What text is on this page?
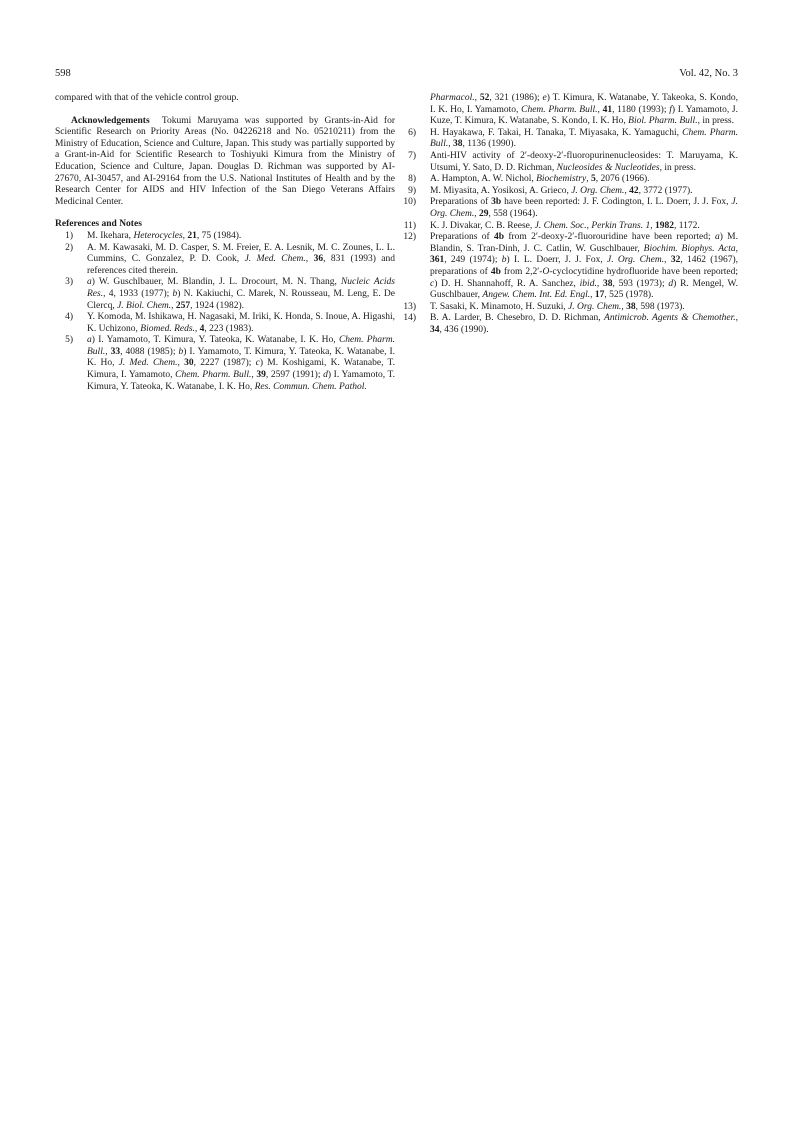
598	Vol. 42, No. 3

compared with that of the vehicle control group.

Acknowledgements Tokumi Maruyama was supported by Grants-in-Aid for Scientific Research on Priority Areas (No. 04226218 and No. 05210211) from the Ministry of Education, Science and Culture, Japan. This study was partially supported by a Grant-in-Aid for Scientific Research to Toshiyuki Kimura from the Ministry of Education, Science and Culture, Japan. Douglas D. Richman was supported by AI-27670, AI-30457, and AI-29164 from the U.S. National Institutes of Health and by the Research Center for AIDS and HIV Infection of the San Diego Veterans Affairs Medicinal Center.

References and Notes

1) M. Ikehara, Heterocycles, 21, 75 (1984).

2) A. M. Kawasaki, M. D. Casper, S. M. Freier, E. A. Lesnik, M. C. Zounes, L. L. Cummins, C. Gonzalez, P. D. Cook, J. Med. Chem., 36, 831 (1993) and references cited therein.

3) a) W. Guschlbauer, M. Blandin, J. L. Drocourt, M. N. Thang, Nucleic Acids Res., 4, 1933 (1977); b) N. Kakiuchi, C. Marek, N. Rousseau, M. Leng, E. De Clercq, J. Biol. Chem., 257, 1924 (1982).

4) Y. Komoda, M. Ishikawa, H. Nagasaki, M. Iriki, K. Honda, S. Inoue, A. Higashi, K. Uchizono, Biomed. Reds., 4, 223 (1983).

5) a) I. Yamamoto, T. Kimura, Y. Tateoka, K. Watanabe, I. K. Ho, Chem. Pharm. Bull., 33, 4088 (1985); b) I. Yamamoto, T. Kimura, Y. Tateoka, K. Watanabe, I. K. Ho, J. Med. Chem., 30, 2227 (1987); c) M. Koshigami, K. Watanabe, T. Kimura, I. Yamamoto, Chem. Pharm. Bull., 39, 2597 (1991); d) I. Yamamoto, T. Kimura, Y. Tateoka, K. Watanabe, I. K. Ho, Res. Commun. Chem. Pathol.

Pharmacol., 52, 321 (1986); e) T. Kimura, K. Watanabe, Y. Takeoka, S. Kondo, I. K. Ho, I. Yamamoto, Chem. Pharm. Bull., 41, 1180 (1993); f) I. Yamamoto, J. Kuze, T. Kimura, K. Watanabe, S. Kondo, I. K. Ho, Biol. Pharm. Bull., in press.

6) H. Hayakawa, F. Takai, H. Tanaka, T. Miyasaka, K. Yamaguchi, Chem. Pharm. Bull., 38, 1136 (1990).

7) Anti-HIV activity of 2′-deoxy-2′-fluoropurinenucleosides: T. Maruyama, K. Utsumi, Y. Sato, D. D. Richman, Nucleosides & Nucleotides, in press.

8) A. Hampton, A. W. Nichol, Biochemistry, 5, 2076 (1966).

9) M. Miyasita, A. Yosikosi, A. Grieco, J. Org. Chem., 42, 3772 (1977).

10) Preparations of 3b have been reported: J. F. Codington, I. L. Doerr, J. J. Fox, J. Org. Chem., 29, 558 (1964).

11) K. J. Divakar, C. B. Reese, J. Chem. Soc., Perkin Trans. 1, 1982, 1172.

12) Preparations of 4b from 2′-deoxy-2′-fluorouridine have been reported; a) M. Blandin, S. Tran-Dinh, J. C. Catlin, W. Guschlbauer, Biochim. Biophys. Acta, 361, 249 (1974); b) I. L. Doerr, J. J. Fox, J. Org. Chem., 32, 1462 (1967), preparations of 4b from 2,2′-O-cyclocytidine hydrofluoride have been reported; c) D. H. Shannahoff, R. A. Sanchez, ibid., 38, 593 (1973); d) R. Mengel, W. Guschlbauer, Angew. Chem. Int. Ed. Engl., 17, 525 (1978).

13) T. Sasaki, K. Minamoto, H. Suzuki, J. Org. Chem., 38, 598 (1973).

14) B. A. Larder, B. Chesebro, D. D. Richman, Antimicrob. Agents & Chemother., 34, 436 (1990).
